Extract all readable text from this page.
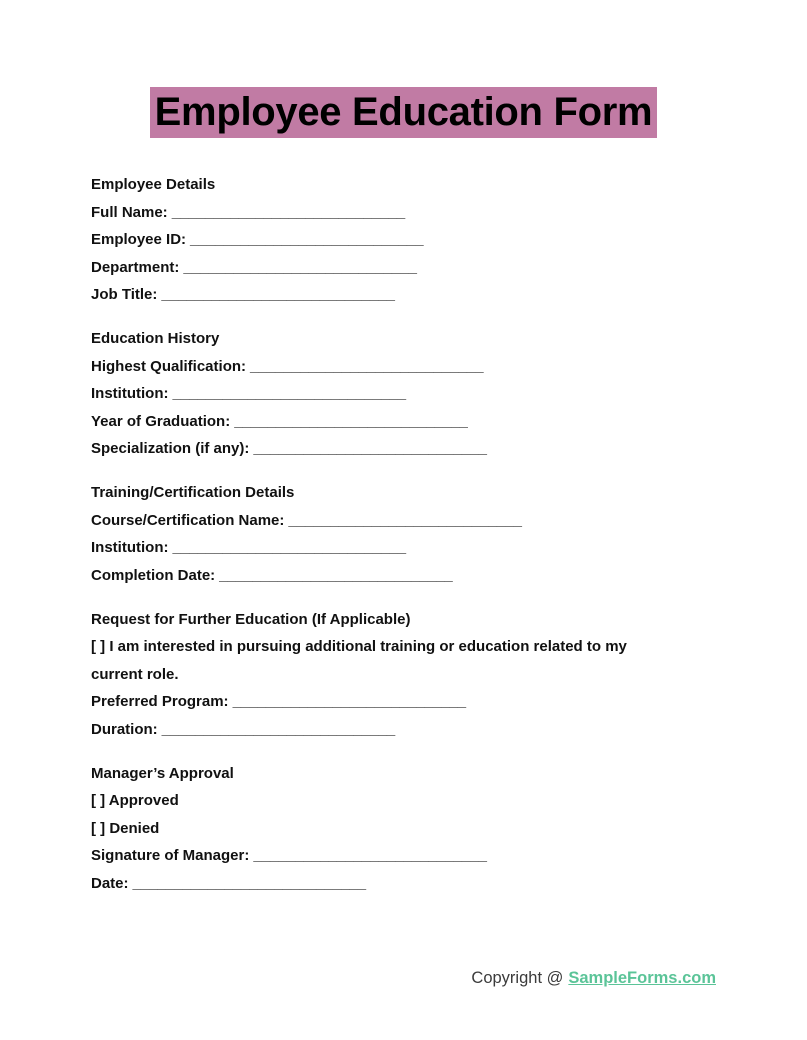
Employee Education Form
Employee Details
Full Name: ____________________________
Employee ID: ____________________________
Department: ____________________________
Job Title: ____________________________
Education History
Highest Qualification: ____________________________
Institution: ____________________________
Year of Graduation: ____________________________
Specialization (if any): ____________________________
Training/Certification Details
Course/Certification Name: ____________________________
Institution: ____________________________
Completion Date: ____________________________
Request for Further Education (If Applicable)
[ ] I am interested in pursuing additional training or education related to my
current role.
Preferred Program: ____________________________
Duration: ____________________________
Manager’s Approval
[ ] Approved
[ ] Denied
Signature of Manager: ____________________________
Date: ____________________________
Copyright @ SampleForms.com
